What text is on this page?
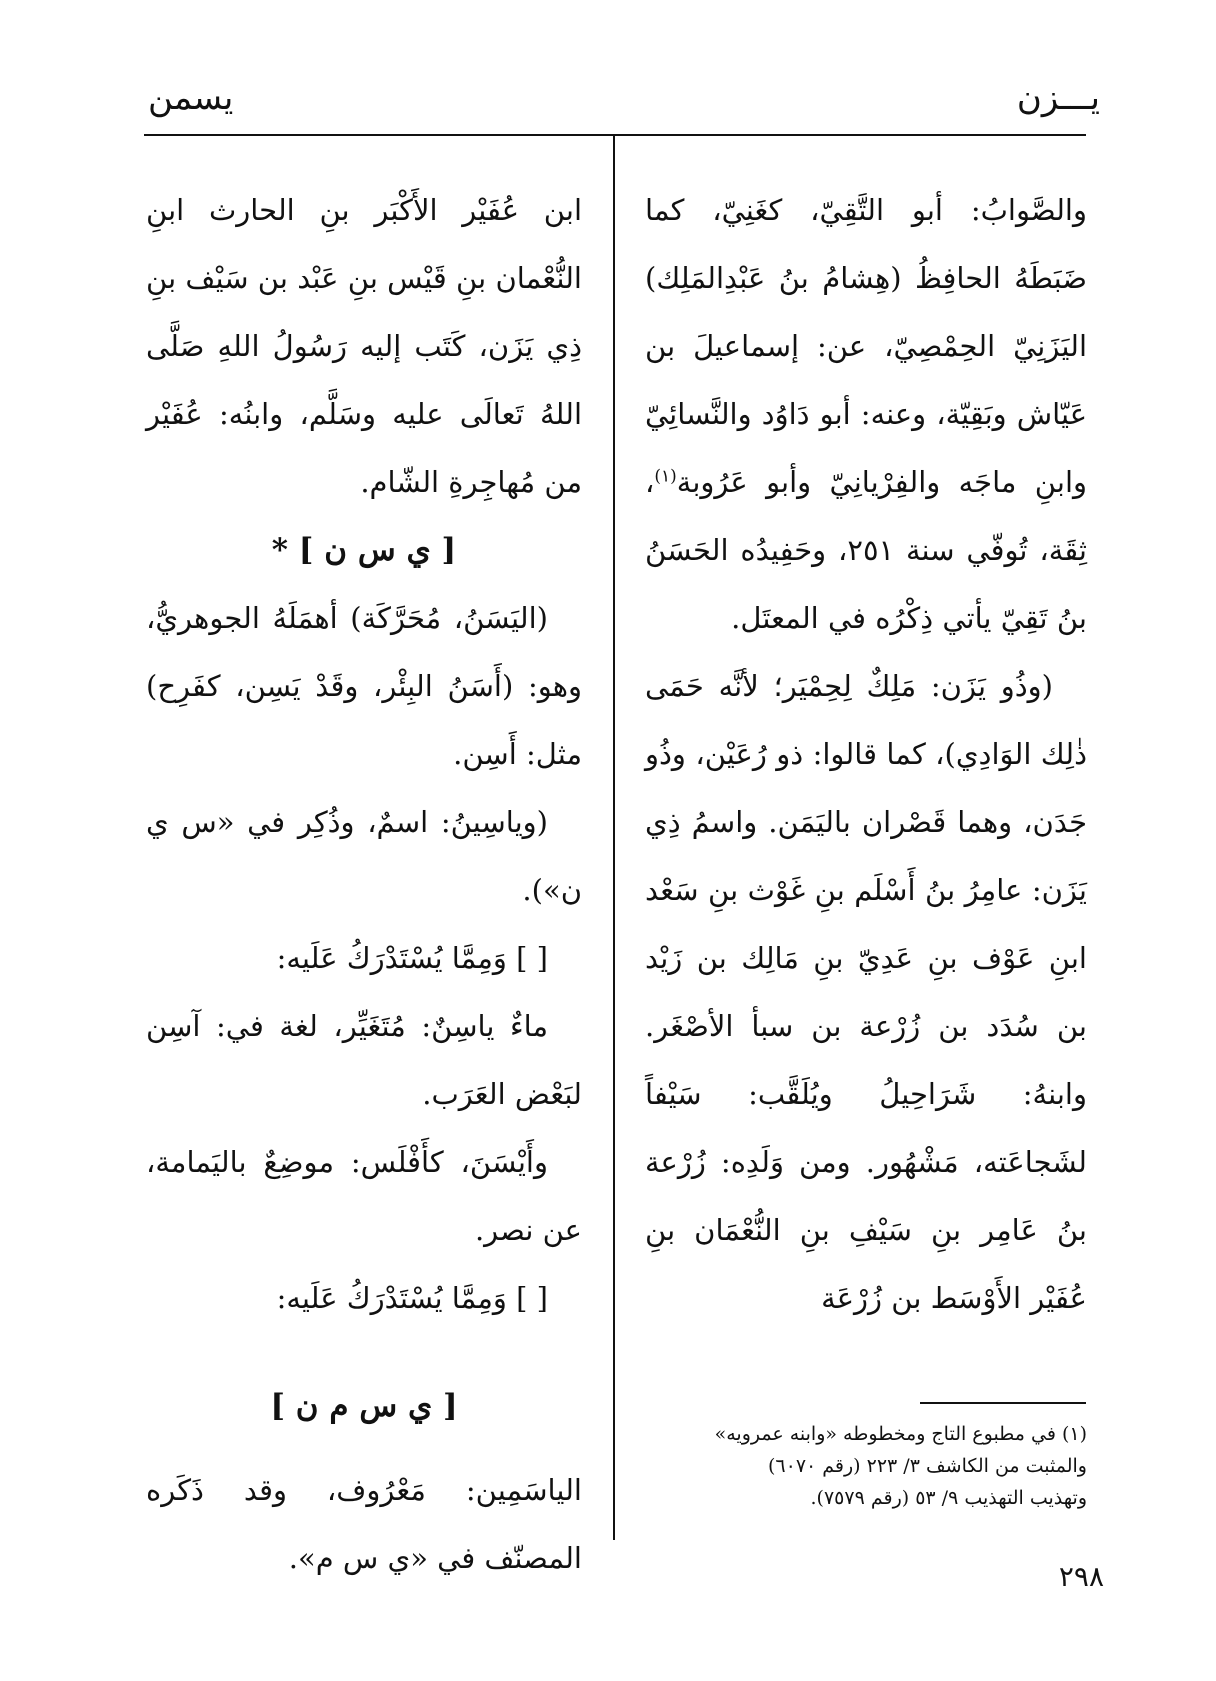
يـــزن
يسمن

والصَّوابُ: أبو التَّقِيّ، كغَنِيّ، كما ضَبَطَهُ الحافِظُ (هِشامُ بنُ عَبْدِالمَلِك) اليَزَنِيّ الحِمْصِيّ، عن: إسماعيلَ بن عَيّاش وبَقِيّة، وعنه: أبو دَاوُد والنَّسائِيّ وابنِ ماجَه والفِرْيانِيّ وأبو عَرُوبة$^{(١)}$، ثِقَة، تُوفّي سنة ٢٥١، وحَفِيدُه الحَسَنُ بنُ تَقِيّ يأتي ذِكْرُه في المعتَل.

(وذُو يَزَن: مَلِكٌ لِحِمْيَر؛ لأنَّه حَمَى ذٰلِك الوَادِي)، كما قالوا: ذو رُعَيْن، وذُو جَدَن، وهما قَصْران باليَمَن. واسمُ ذِي يَزَن: عامِرُ بنُ أَسْلَم بنِ غَوْث بنِ سَعْد ابنِ عَوْف بنِ عَدِيّ بنِ مَالِك بن زَيْد بن سُدَد بن زُرْعة بن سبأ الأصْغَر. وابنهُ: شَرَاحِيلُ ويُلَقَّب: سَيْفاً لشَجاعَته، مَشْهُور. ومن وَلَدِه: زُرْعة بنُ عَامِر بنِ سَيْفِ بنِ النُّعْمَان بنِ عُفَيْر الأَوْسَط بن زُرْعَة

ابن عُفَيْر الأَكْبَر بنِ الحارث ابنِ النُّعْمان بنِ قَيْس بنِ عَبْد بن سَيْف بنِ ذِي يَزَن، كَتَب إليه رَسُولُ اللهِ صَلَّى اللهُ تَعالَى عليه وسَلَّم، وابنُه: عُفَيْر من مُهاجِرةِ الشّام.

[ ي س ن ] *

(اليَسَنُ، مُحَرَّكَة) أهمَلَهُ الجوهريُّ، وهو: (أَسَنُ البِئْر، وقَدْ يَسِن، كفَرِح) مثل: أَسِن.

(وياسِينُ: اسمٌ، وذُكِر في «س ي ن»).

[ ] وَمِمَّا يُسْتَدْرَكُ عَلَيه:

ماءٌ ياسِنٌ: مُتَغَيِّر، لغة في: آسِن لبَعْض العَرَب.

وأَيْسَنَ، كأَفْلَس: موضِعٌ باليَمامة، عن نصر.

[ ] وَمِمَّا يُسْتَدْرَكُ عَلَيه:

[ ي س م ن ]

الياسَمِين: مَعْرُوف، وقد ذَكَره المصنّف في «ي س م».

(١) في مطبوع التاج ومخطوطه «وابنه عمرويه»
والمثبت من الكاشف ٣/ ٢٢٣ (رقم ٦٠٧٠)
وتهذيب التهذيب ٩/ ٥٣ (رقم ٧٥٧٩).
٢٩٨
